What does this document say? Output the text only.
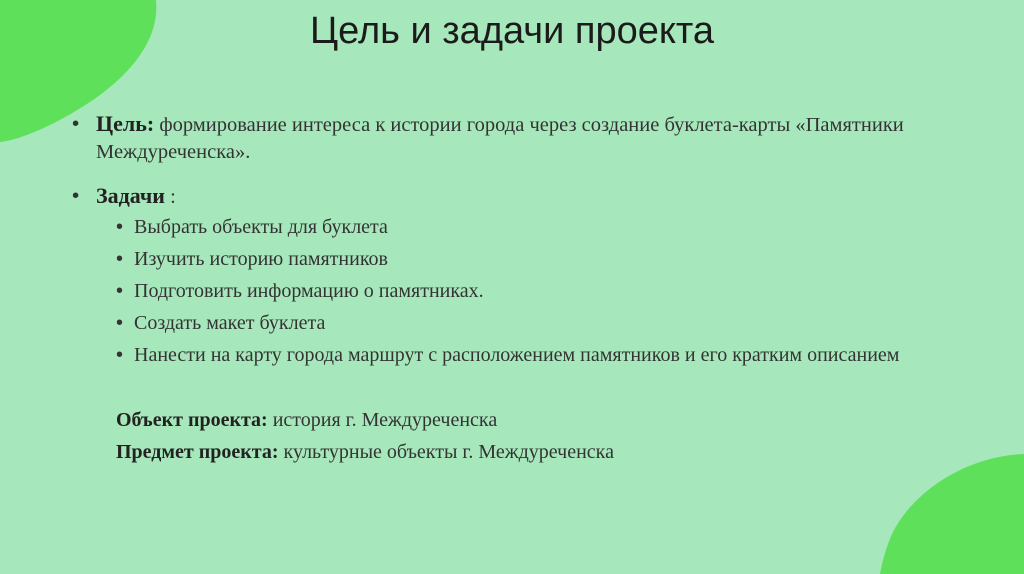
Цель и задачи проекта
• Цель: формирование интереса к истории города через создание буклета-карты «Памятники Междуреченска».
• Задачи :
• Выбрать объекты для буклета
• Изучить историю памятников
• Подготовить информацию о памятниках.
• Создать макет буклета
• Нанести на карту города маршрут с расположением памятников и его кратким описанием
Объект проекта: история г. Междуреченска
Предмет проекта: культурные объекты г. Междуреченска
